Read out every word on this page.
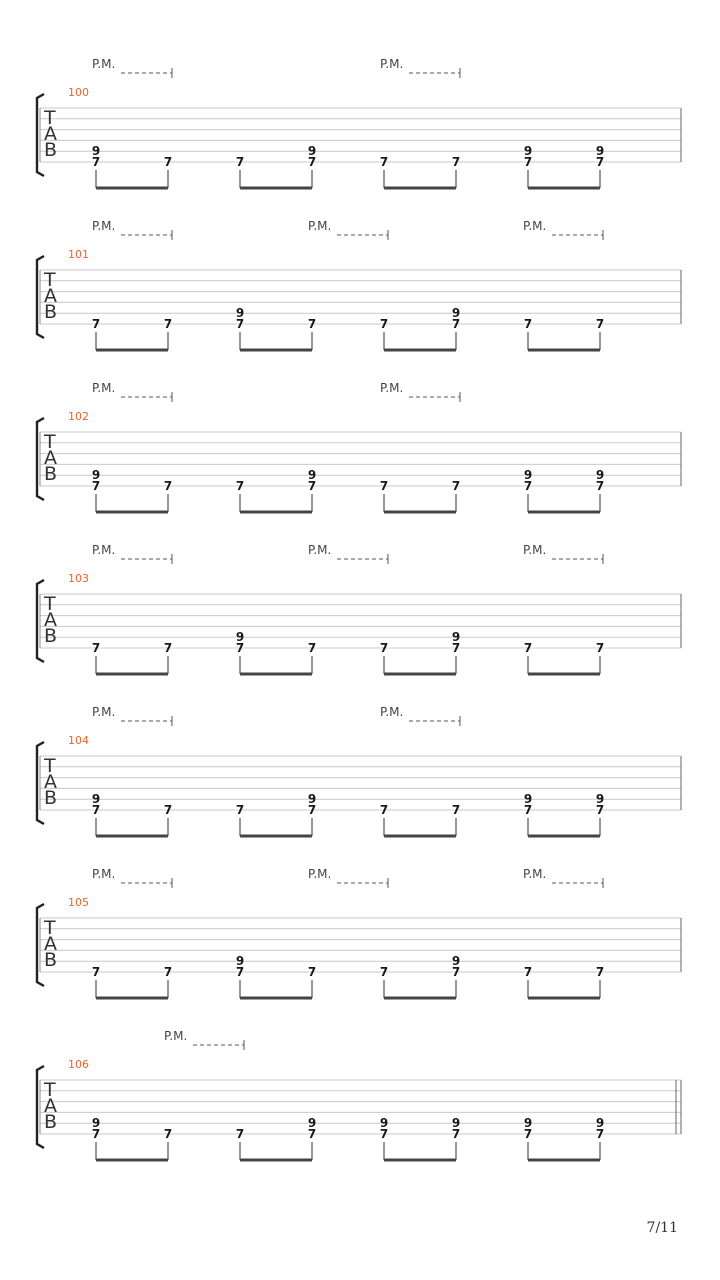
P.M.	P.M.
100
T
A
B	9
7	7	7
9
7	7	7
9
7
9
7
P.M.	P.M.	P.M.
101
T
A
B
7	7
9
7	7	7
9
7	7	7
P.M.	P.M.
102
T
A
B	9
7	7	7
9
7	7	7
9
7
9
7
P.M.	P.M.	P.M.
103
T
A
B
7	7
9
7	7	7
9
7	7	7
P.M.	P.M.
104
T
A
B	9
7	7	7
9
7	7	7
9
7
9
7
P.M.	P.M.	P.M.
105
T
A
B
7	7
9
7	7	7
9
7	7	7
P.M.
106
T
A
B	9
7	7	7
9
7
9
7
9
7
9
7
9
7
7/11
